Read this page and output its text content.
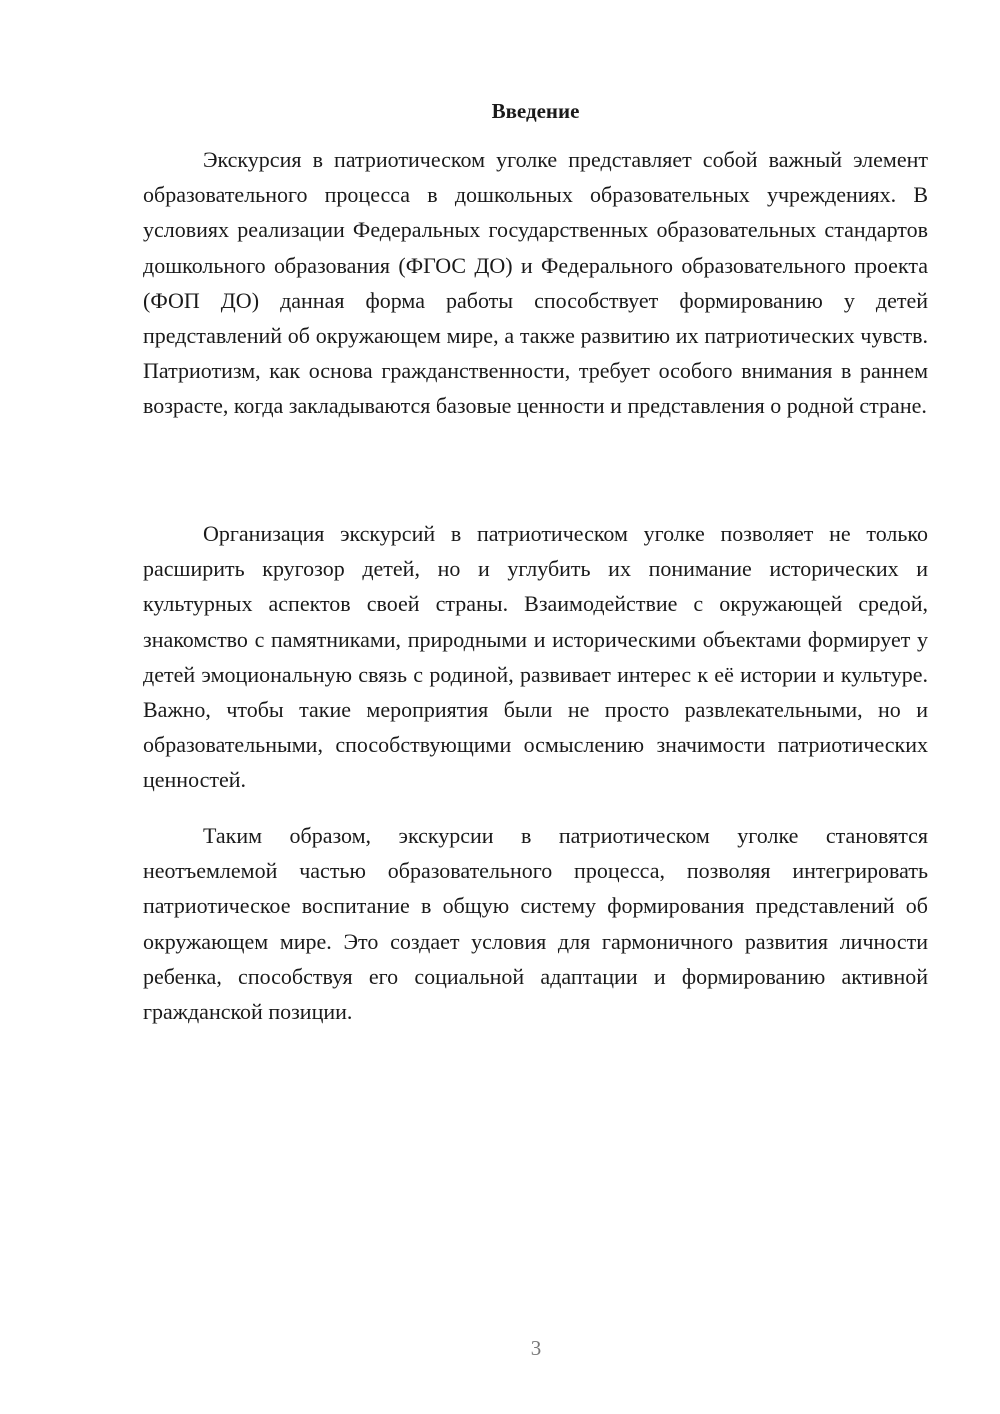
Введение

Экскурсия в патриотическом уголке представляет собой важный элемент образовательного процесса в дошкольных образовательных учреждениях. В условиях реализации Федеральных государственных образовательных стандартов дошкольного образования (ФГОС ДО) и Федерального образовательного проекта (ФОП ДО) данная форма работы способствует формированию у детей представлений об окружающем мире, а также развитию их патриотических чувств. Патриотизм, как основа гражданственности, требует особого внимания в раннем возрасте, когда закладываются базовые ценности и представления о родной стране.

Организация экскурсий в патриотическом уголке позволяет не только расширить кругозор детей, но и углубить их понимание исторических и культурных аспектов своей страны. Взаимодействие с окружающей средой, знакомство с памятниками, природными и историческими объектами формирует у детей эмоциональную связь с родиной, развивает интерес к её истории и культуре. Важно, чтобы такие мероприятия были не просто развлекательными, но и образовательными, способствующими осмыслению значимости патриотических ценностей.

Таким образом, экскурсии в патриотическом уголке становятся неотъемлемой частью образовательного процесса, позволяя интегрировать патриотическое воспитание в общую систему формирования представлений об окружающем мире. Это создает условия для гармоничного развития личности ребенка, способствуя его социальной адаптации и формированию активной гражданской позиции.

3
